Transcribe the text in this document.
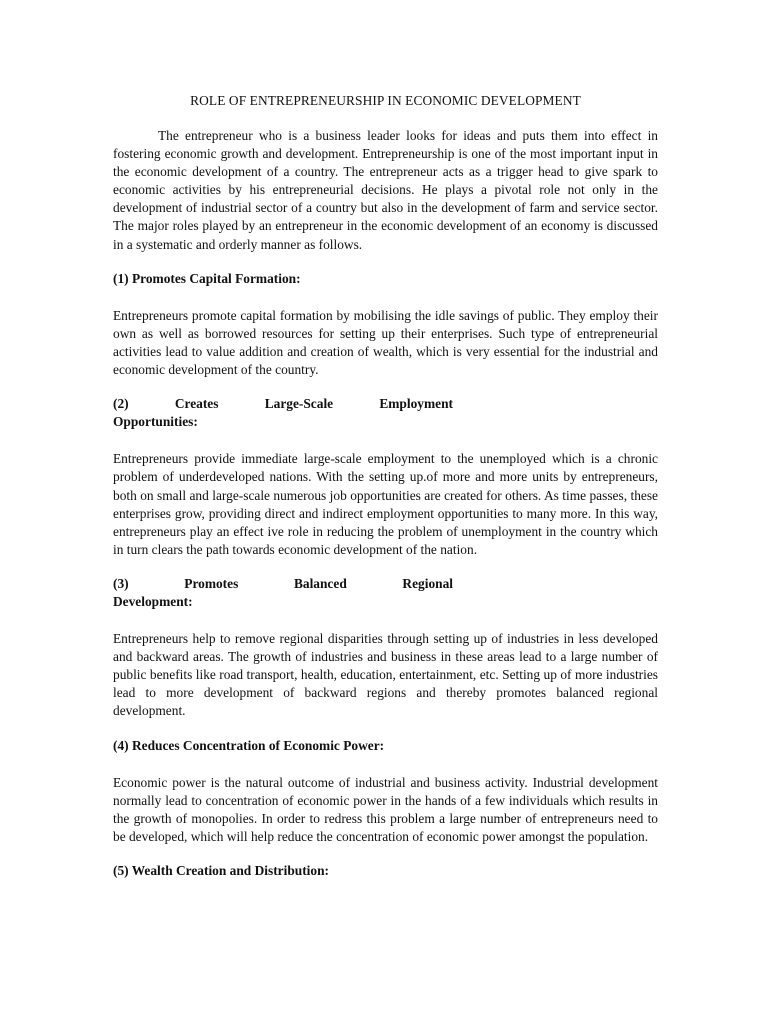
ROLE OF ENTREPRENEURSHIP IN ECONOMIC DEVELOPMENT

The entrepreneur who is a business leader looks for ideas and puts them into effect in fostering economic growth and development. Entrepreneurship is one of the most important input in the economic development of a country. The entrepreneur acts as a trigger head to give spark to economic activities by his entrepreneurial decisions. He plays a pivotal role not only in the development of industrial sector of a country but also in the development of farm and service sector. The major roles played by an entrepreneur in the economic development of an economy is discussed in a systematic and orderly manner as follows.

(1) Promotes Capital Formation:

Entrepreneurs promote capital formation by mobilising the idle savings of public. They employ their own as well as borrowed resources for setting up their enterprises. Such type of entrepreneurial activities lead to value addition and creation of wealth, which is very essential for the industrial and economic development of the country.

(2) Creates Large-Scale Employment

Opportunities:

Entrepreneurs provide immediate large-scale employment to the unemployed which is a chronic problem of underdeveloped nations. With the setting up.of more and more units by entrepreneurs, both on small and large-scale numerous job opportunities are created for others. As time passes, these enterprises grow, providing direct and indirect employment opportunities to many more. In this way, entrepreneurs play an effect ive role in reducing the problem of unemployment in the country which in turn clears the path towards economic development of the nation.

(3) Promotes Balanced Regional

Development:

Entrepreneurs help to remove regional disparities through setting up of industries in less developed and backward areas. The growth of industries and business in these areas lead to a large number of public benefits like road transport, health, education, entertainment, etc. Setting up of more industries lead to more development of backward regions and thereby promotes balanced regional development.

(4) Reduces Concentration of Economic Power:

Economic power is the natural outcome of industrial and business activity. Industrial development normally lead to concentration of economic power in the hands of a few individuals which results in the growth of monopolies. In order to redress this problem a large number of entrepreneurs need to be developed, which will help reduce the concentration of economic power amongst the population.

(5) Wealth Creation and Distribution:
